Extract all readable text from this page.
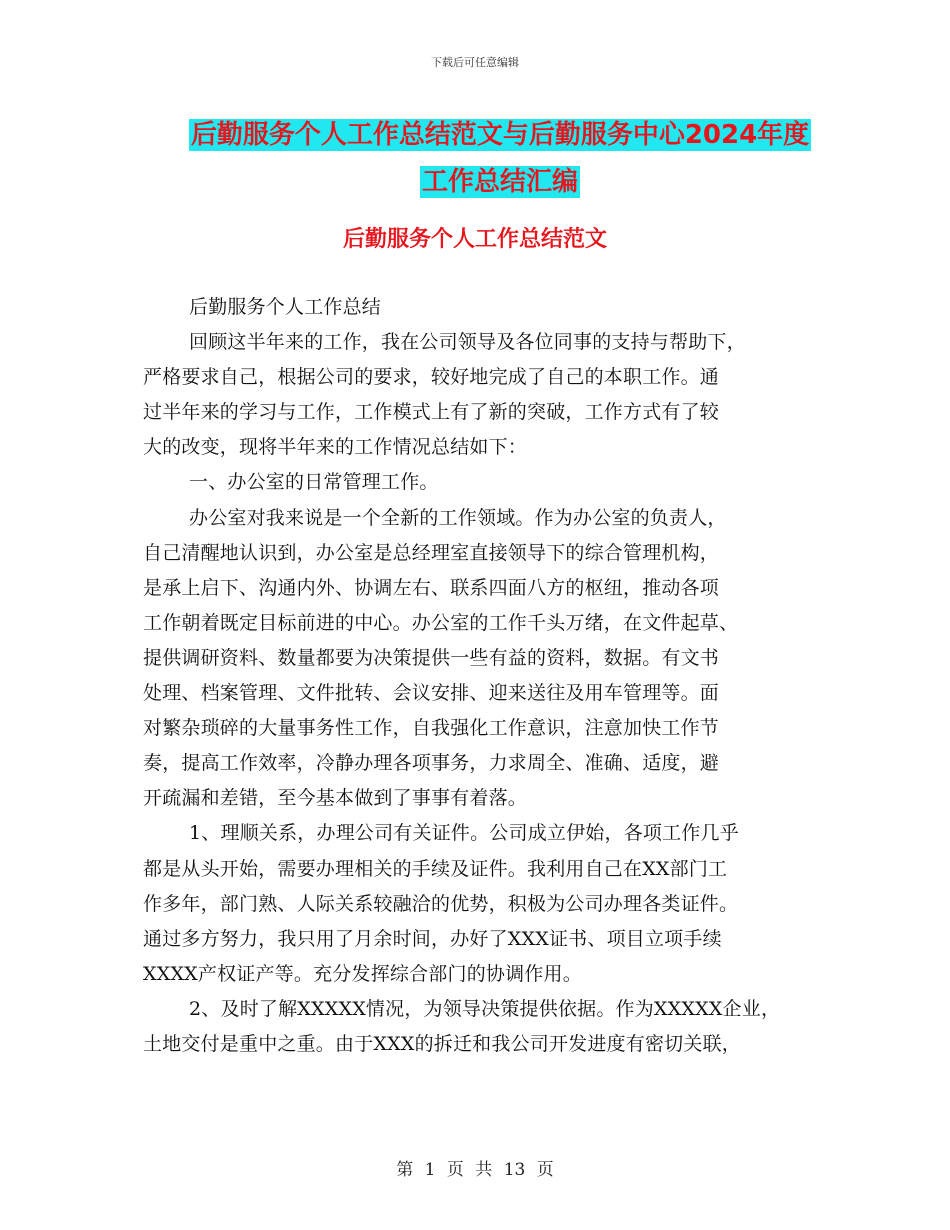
下载后可任意编辑
后勤服务个人工作总结范文与后勤服务中心2024年度
工作总结汇编
后勤服务个人工作总结范文
后勤服务个人工作总结
回顾这半年来的工作，我在公司领导及各位同事的支持与帮助下，
严格要求自己，根据公司的要求，较好地完成了自己的本职工作。通
过半年来的学习与工作，工作模式上有了新的突破，工作方式有了较
大的改变，现将半年来的工作情况总结如下：
一、办公室的日常管理工作。
办公室对我来说是一个全新的工作领域。作为办公室的负责人，
自己清醒地认识到，办公室是总经理室直接领导下的综合管理机构，
是承上启下、沟通内外、协调左右、联系四面八方的枢纽，推动各项
工作朝着既定目标前进的中心。办公室的工作千头万绪，在文件起草、
提供调研资料、数量都要为决策提供一些有益的资料，数据。有文书
处理、档案管理、文件批转、会议安排、迎来送往及用车管理等。面
对繁杂琐碎的大量事务性工作，自我强化工作意识，注意加快工作节
奏，提高工作效率，冷静办理各项事务，力求周全、准确、适度，避
开疏漏和差错，至今基本做到了事事有着落。
1、理顺关系，办理公司有关证件。公司成立伊始，各项工作几乎
都是从头开始，需要办理相关的手续及证件。我利用自己在XX部门工
作多年，部门熟、人际关系较融洽的优势，积极为公司办理各类证件。
通过多方努力，我只用了月余时间，办好了XXX证书、项目立项手续
XXXX产权证产等。充分发挥综合部门的协调作用。
2、及时了解XXXXX情况，为领导决策提供依据。作为XXXXX企业，
土地交付是重中之重。由于XXX的拆迁和我公司开发进度有密切关联，
第 1 页 共 13 页
